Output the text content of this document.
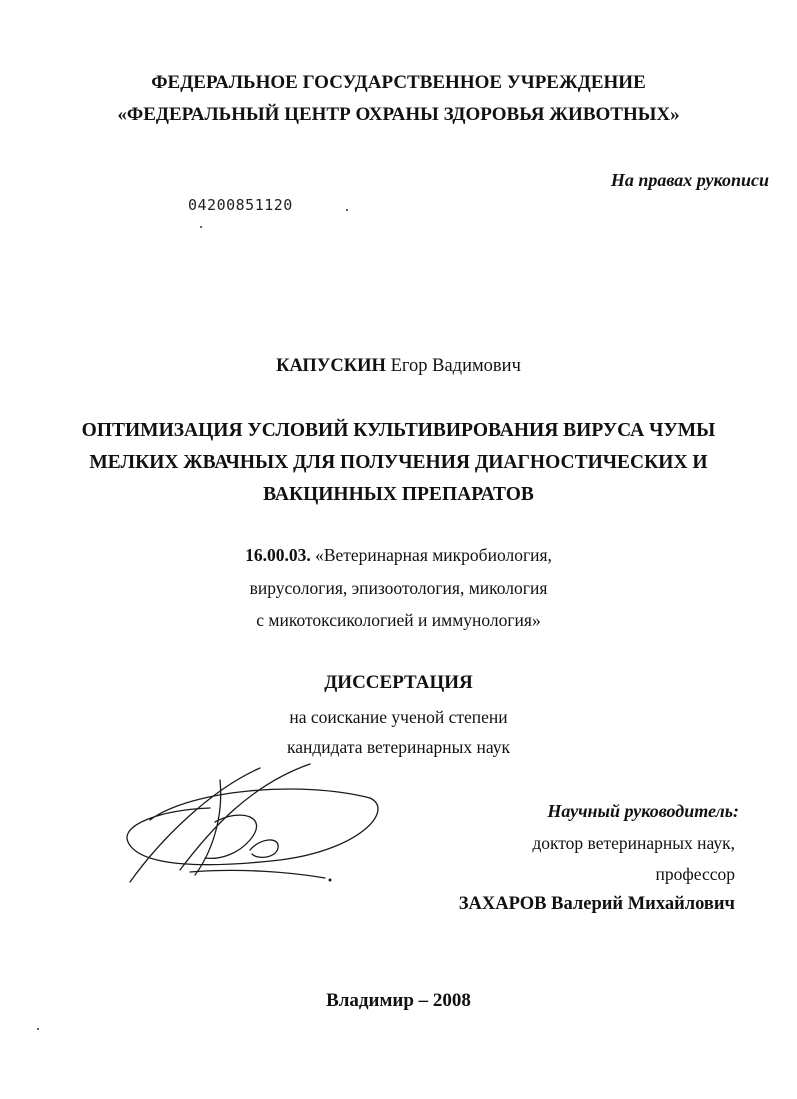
ФЕДЕРАЛЬНОЕ ГОСУДАРСТВЕННОЕ УЧРЕЖДЕНИЕ
«ФЕДЕРАЛЬНЫЙ ЦЕНТР ОХРАНЫ ЗДОРОВЬЯ ЖИВОТНЫХ»
На правах рукописи
04200851120
КАПУСКИН Егор Вадимович
ОПТИМИЗАЦИЯ УСЛОВИЙ КУЛЬТИВИРОВАНИЯ ВИРУСА ЧУМЫ
МЕЛКИХ ЖВАЧНЫХ ДЛЯ ПОЛУЧЕНИЯ ДИАГНОСТИЧЕСКИХ И
ВАКЦИННЫХ ПРЕПАРАТОВ
16.00.03. «Ветеринарная микробиология,
вирусология, эпизоотология, микология
с микотоксикологией и иммунология»
ДИССЕРТАЦИЯ
на соискание ученой степени
кандидата ветеринарных наук
Научный руководитель:
доктор ветеринарных наук,
профессор
ЗАХАРОВ Валерий Михайлович
Владимир – 2008
